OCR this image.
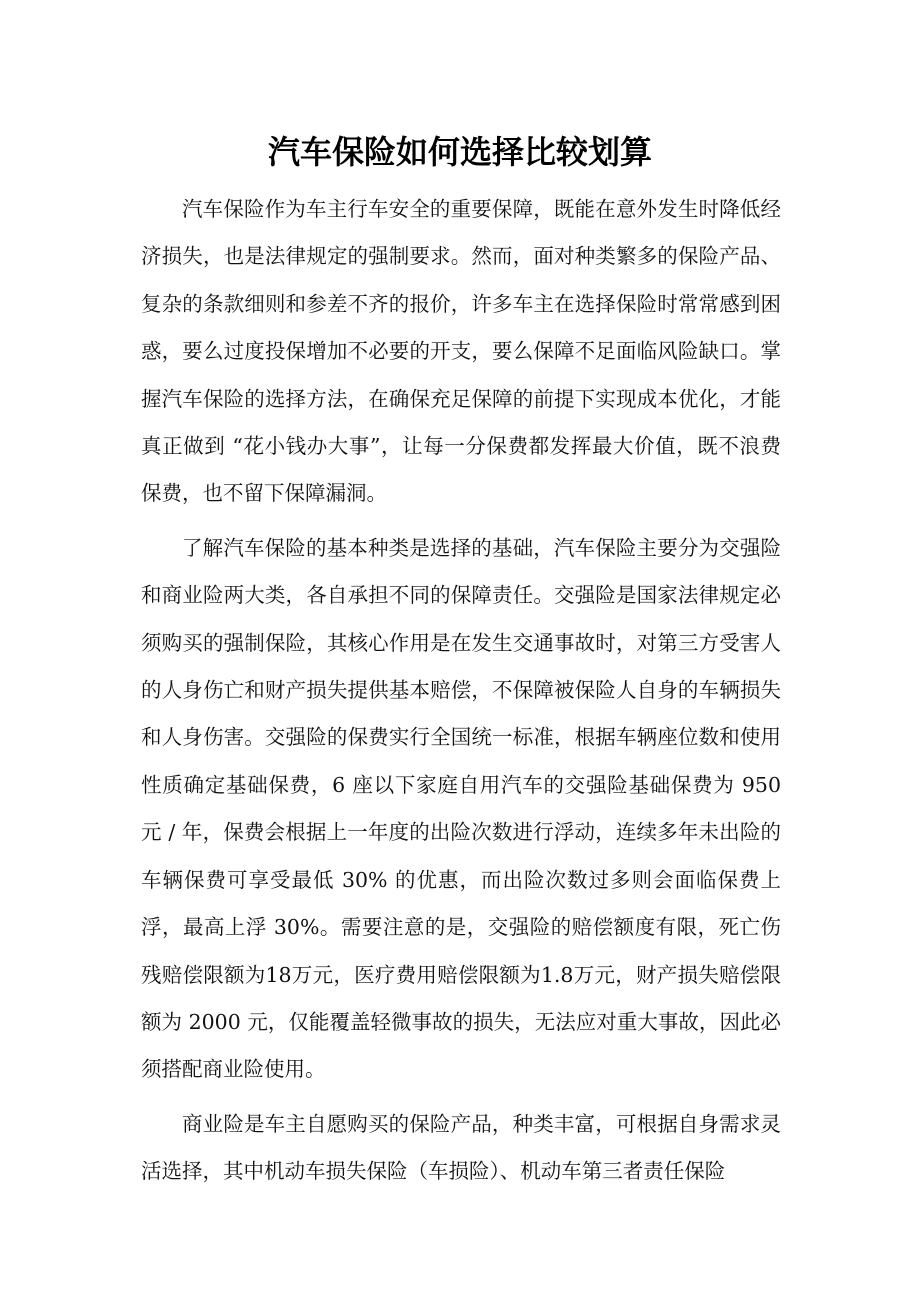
汽车保险如何选择比较划算

汽车保险作为车主行车安全的重要保障，既能在意外发生时降低经济损失，也是法律规定的强制要求。然而，面对种类繁多的保险产品、复杂的条款细则和参差不齐的报价，许多车主在选择保险时常常感到困惑，要么过度投保增加不必要的开支，要么保障不足面临风险缺口。掌握汽车保险的选择方法，在确保充足保障的前提下实现成本优化，才能真正做到 “花小钱办大事”，让每一分保费都发挥最大价值，既不浪费保费，也不留下保障漏洞。

了解汽车保险的基本种类是选择的基础，汽车保险主要分为交强险和商业险两大类，各自承担不同的保障责任。交强险是国家法律规定必须购买的强制保险，其核心作用是在发生交通事故时，对第三方受害人的人身伤亡和财产损失提供基本赔偿，不保障被保险人自身的车辆损失和人身伤害。交强险的保费实行全国统一标准，根据车辆座位数和使用性质确定基础保费，6 座以下家庭自用汽车的交强险基础保费为 950 元 / 年，保费会根据上一年度的出险次数进行浮动，连续多年未出险的车辆保费可享受最低 30% 的优惠，而出险次数过多则会面临保费上浮，最高上浮 30%。需要注意的是，交强险的赔偿额度有限，死亡伤残赔偿限额为18万元，医疗费用赔偿限额为1.8万元，财产损失赔偿限额为 2000 元，仅能覆盖轻微事故的损失，无法应对重大事故，因此必须搭配商业险使用。

商业险是车主自愿购买的保险产品，种类丰富，可根据自身需求灵活选择，其中机动车损失保险（车损险）、机动车第三者责任保险
